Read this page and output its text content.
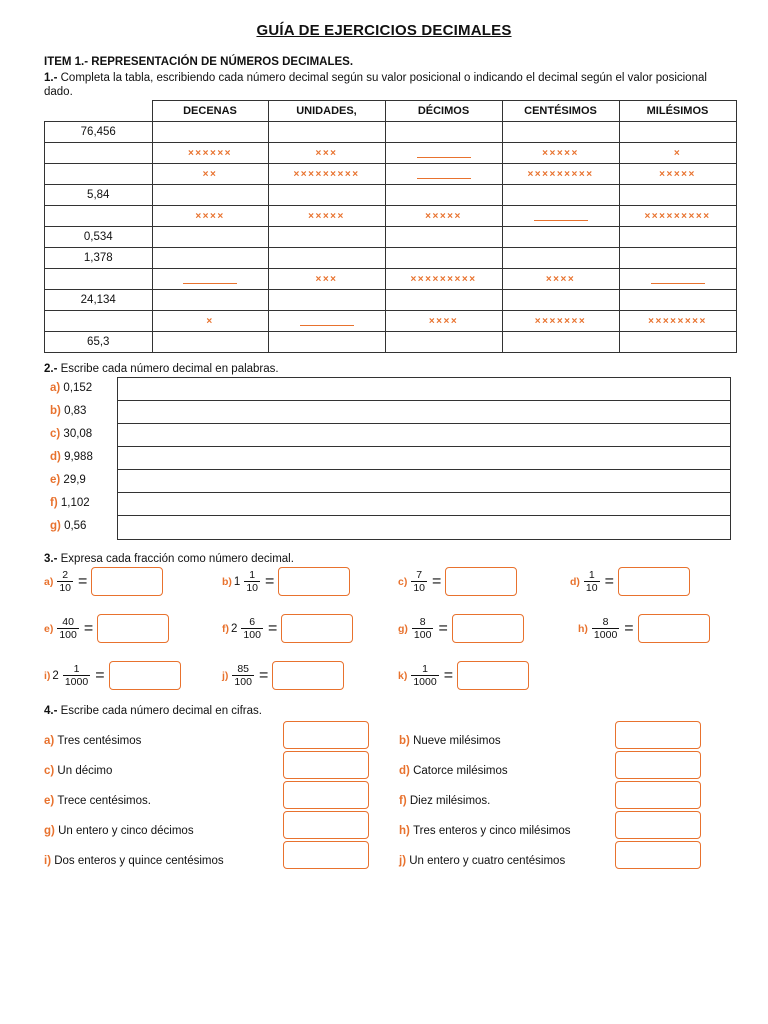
GUÍA DE EJERCICIOS DECIMALES
ITEM 1.- REPRESENTACIÓN DE NÚMEROS DECIMALES.
1.- Completa la tabla, escribiendo cada número decimal según su valor posicional o indicando el decimal según el valor posicional dado.
	DECENAS	UNIDADES,	DÉCIMOS	CENTÉSIMOS	MILÉSIMOS
76,456					
	××××××	×××		×××××	×
	××	×××××××××		×××××××××	×××××
5,84					
	××××	×××××	×××××		×××××××××
0,534					
1,378					
		×××	×××××××××	××××	
24,134					
	×		××××	×××××××	××××××××
65,3					
2.- Escribe cada número decimal en palabras.
a) 0,152
b) 0,83
c) 30,08
d) 9,988
e) 29,9
f) 1,102
g) 0,56
3.- Expresa cada fracción como número decimal.
$a) \frac{2}{10}$ =	b) $1 \frac{1}{10}$ =	$c) \frac{7}{10}$ =	$d) \frac{1}{10}$ =
$e) \frac{40}{100}$ =	f) $2 \frac{6}{100}$ =	$g) \frac{8}{100}$ =	$h) \frac{8}{1000}$ =
i) $2 \frac{1}{1000}$ =	$j) \frac{85}{100}$ =	$k) \frac{1}{1000}$ =
4.- Escribe cada número decimal en cifras.
a) Tres centésimos	b) Nueve milésimos
c) Un décimo	d) Catorce milésimos
e) Trece centésimos.	f) Diez milésimos.
g) Un entero y cinco décimos	h) Tres enteros y cinco milésimos
i) Dos enteros y quince centésimos	j) Un entero y cuatro centésimos
